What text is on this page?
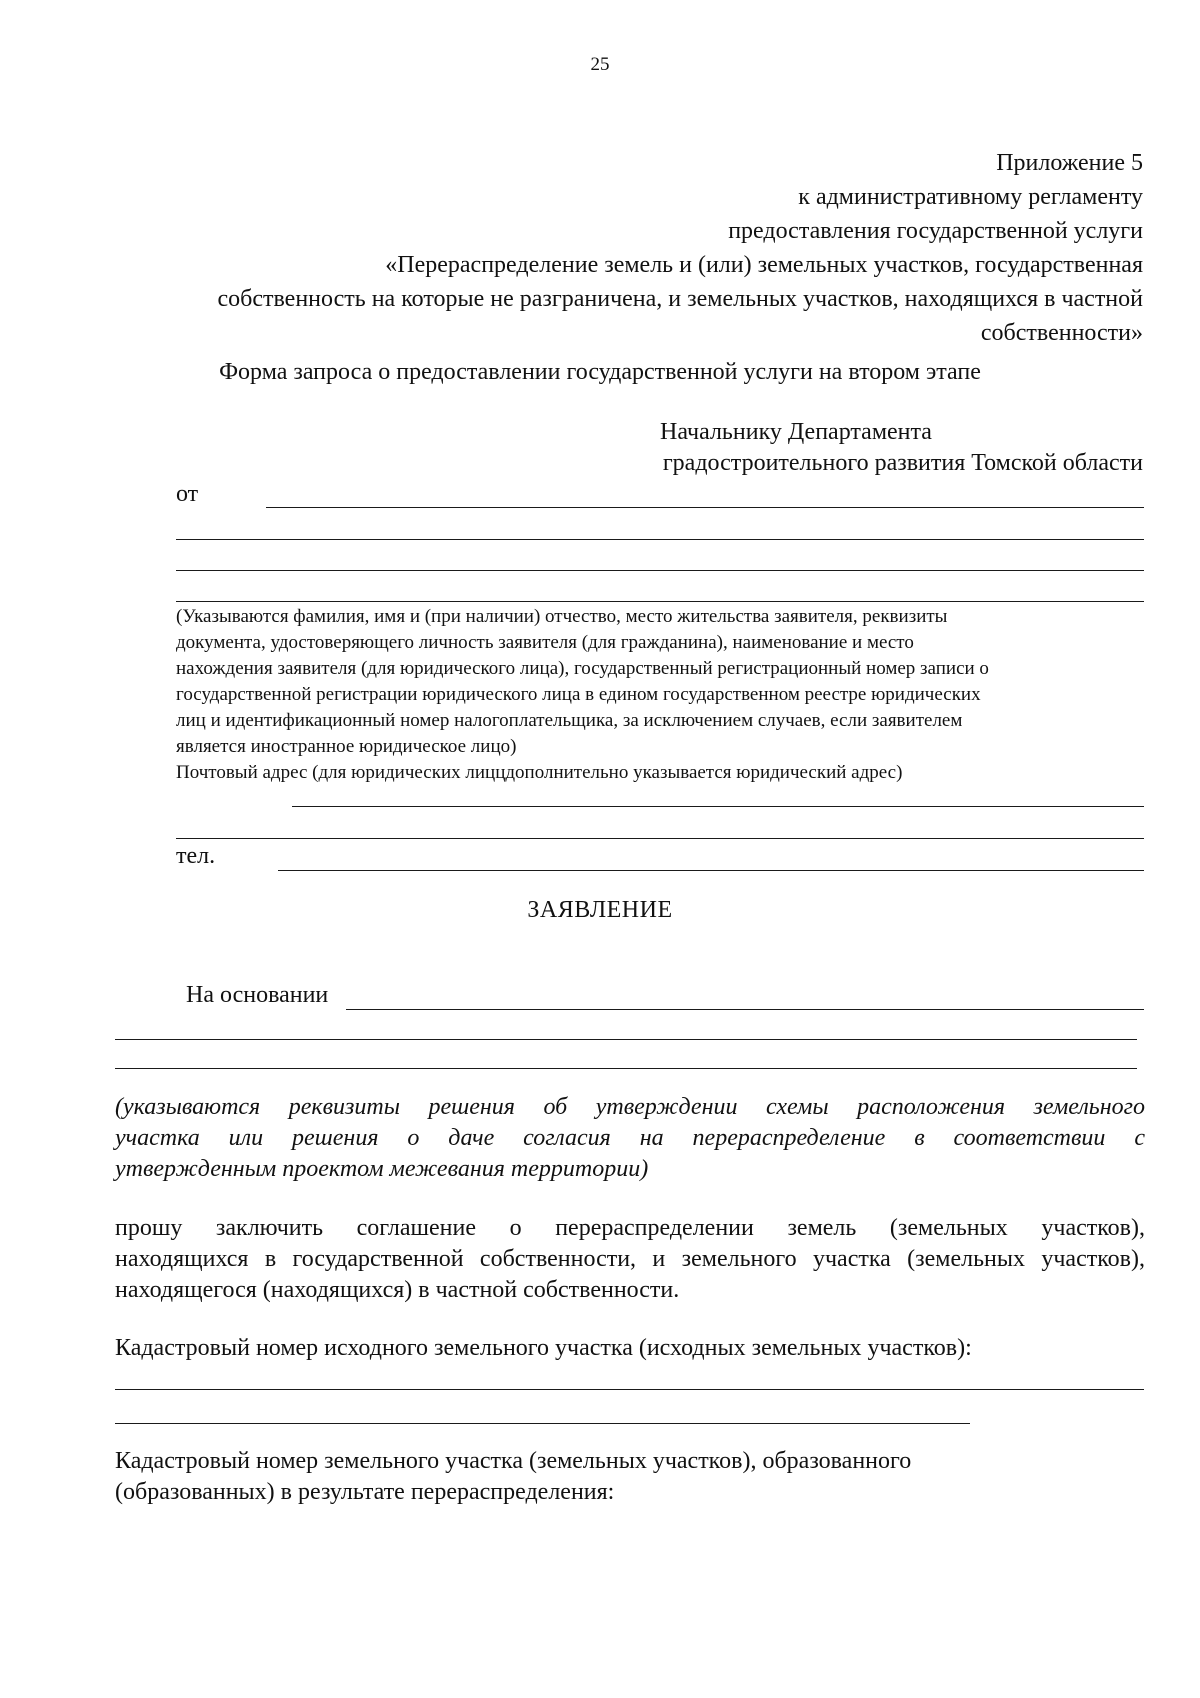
25
Приложение 5
к административному регламенту
предоставления государственной услуги
«Перераспределение земель и (или) земельных участков, государственная
собственность на которые не разграничена, и земельных участков, находящихся в частной
собственности»
Форма запроса о предоставлении государственной услуги на втором этапе
Начальнику Департамента
градостроительного развития Томской области
от
(Указываются фамилия, имя и (при наличии) отчество, место жительства заявителя, реквизиты
документа, удостоверяющего личность заявителя (для гражданина), наименование и место
нахождения заявителя (для юридического лица), государственный регистрационный номер записи о
государственной регистрации юридического лица в едином государственном реестре юридических
лиц и идентификационный номер налогоплательщика, за исключением случаев, если заявителем
является иностранное юридическое лицо)
Почтовый адрес (для юридических лиццдополнительно указывается юридический адрес)
тел.
ЗАЯВЛЕНИЕ
На основании
(указываются реквизиты решения об утверждении схемы расположения земельного
участка или решения о даче согласия на перераспределение в соответствии с
утвержденным проектом межевания территории)
прошу заключить соглашение о перераспределении земель (земельных участков),
находящихся в государственной собственности, и земельного участка (земельных участков),
находящегося (находящихся) в частной собственности.
Кадастровый номер исходного земельного участка (исходных земельных участков):
Кадастровый номер земельного участка (земельных участков), образованного
(образованных) в результате перераспределения:
